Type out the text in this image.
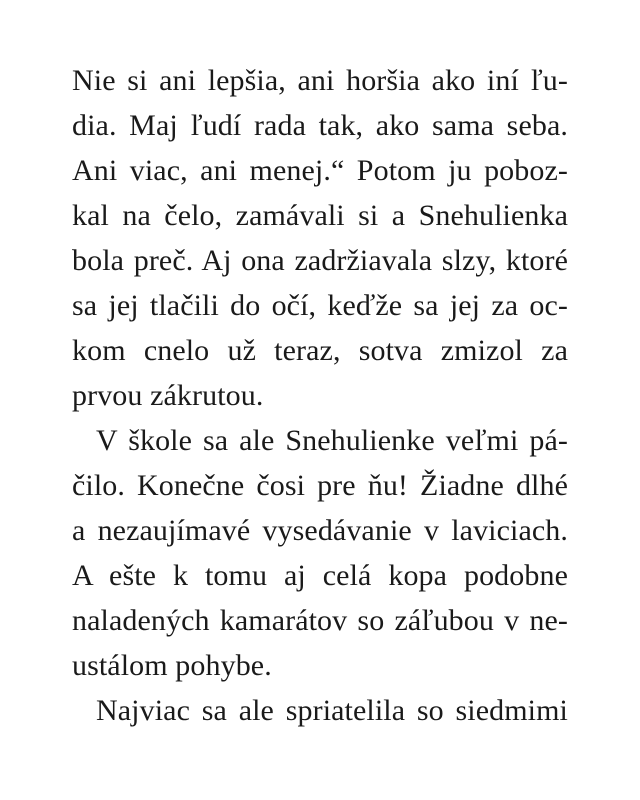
Nie si ani lepšia, ani horšia ako iní ľu-
dia. Maj ľudí rada tak, ako sama seba.
Ani viac, ani menej.“ Potom ju pobоz-
kal na čelo, zamávali si a Snehulienka
bola preč. Aj ona zadržiavala slzy, ktoré
sa jej tlačili do očí, keďže sa jej za oc-
kom cnelo už teraz, sotva zmizol za
prvou zákrutou.
V škole sa ale Snehulienke veľmi pá-
čilo. Konečne čosi pre ňu! Žiadne dlhé
a nezaujímavé vysedávanie v laviciach.
A ešte k tomu aj celá kopa podobne
naladených kamarátov so záľubou v ne-
ustálom pohybe.
Najviac sa ale spriatelila so siedmimi
